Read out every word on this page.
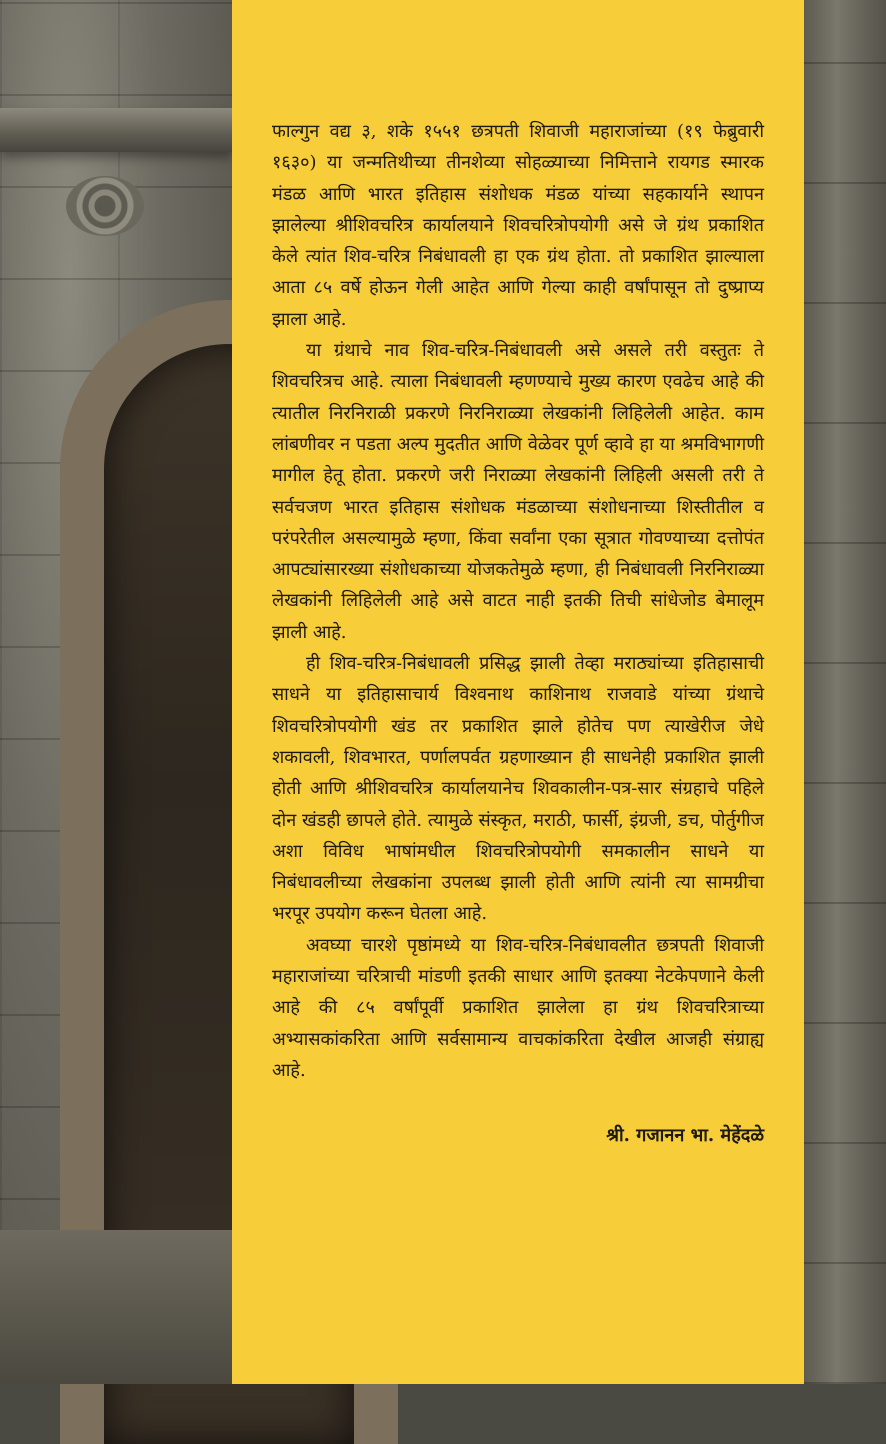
फाल्गुन वद्य ३, शके १५५१ छत्रपती शिवाजी महाराजांच्या (१९ फेब्रुवारी १६३०) या जन्मतिथीच्या तीनशेव्या सोहळ्याच्या निमित्ताने रायगड स्मारक मंडळ आणि भारत इतिहास संशोधक मंडळ यांच्या सहकार्याने स्थापन झालेल्या श्रीशिवचरित्र कार्यालयाने शिवचरित्रोपयोगी असे जे ग्रंथ प्रकाशित केले त्यांत शिव-चरित्र निबंधावली हा एक ग्रंथ होता. तो प्रकाशित झाल्याला आता ८५ वर्षे होऊन गेली आहेत आणि गेल्या काही वर्षांपासून तो दुष्प्राप्य झाला आहे.

या ग्रंथाचे नाव शिव-चरित्र-निबंधावली असे असले तरी वस्तुतः ते शिवचरित्रच आहे. त्याला निबंधावली म्हणण्याचे मुख्य कारण एवढेच आहे की त्यातील निरनिराळी प्रकरणे निरनिराळ्या लेखकांनी लिहिलेली आहेत. काम लांबणीवर न पडता अल्प मुदतीत आणि वेळेवर पूर्ण व्हावे हा या श्रमविभागणी मागील हेतू होता. प्रकरणे जरी निराळ्या लेखकांनी लिहिली असली तरी ते सर्वचजण भारत इतिहास संशोधक मंडळाच्या संशोधनाच्या शिस्तीतील व परंपरेतील असल्यामुळे म्हणा, किंवा सर्वांना एका सूत्रात गोवण्याच्या दत्तोपंत आपट्यांसारख्या संशोधकाच्या योजकतेमुळे म्हणा, ही निबंधावली निरनिराळ्या लेखकांनी लिहिलेली आहे असे वाटत नाही इतकी तिची सांधेजोड बेमालूम झाली आहे.

ही शिव-चरित्र-निबंधावली प्रसिद्ध झाली तेव्हा मराठ्यांच्या इतिहासाची साधने या इतिहासाचार्य विश्वनाथ काशिनाथ राजवाडे यांच्या ग्रंथाचे शिवचरित्रोपयोगी खंड तर प्रकाशित झाले होतेच पण त्याखेरीज जेधे शकावली, शिवभारत, पर्णालपर्वत ग्रहणाख्यान ही साधनेही प्रकाशित झाली होती आणि श्रीशिवचरित्र कार्यालयानेच शिवकालीन-पत्र-सार संग्रहाचे पहिले दोन खंडही छापले होते. त्यामुळे संस्कृत, मराठी, फार्सी, इंग्रजी, डच, पोर्तुगीज अशा विविध भाषांमधील शिवचरित्रोपयोगी समकालीन साधने या निबंधावलीच्या लेखकांना उपलब्ध झाली होती आणि त्यांनी त्या सामग्रीचा भरपूर उपयोग करून घेतला आहे.

अवघ्या चारशे पृष्ठांमध्ये या शिव-चरित्र-निबंधावलीत छत्रपती शिवाजी महाराजांच्या चरित्राची मांडणी इतकी साधार आणि इतक्या नेटकेपणाने केली आहे की ८५ वर्षांपूर्वी प्रकाशित झालेला हा ग्रंथ शिवचरित्राच्या अभ्यासकांकरिता आणि सर्वसामान्य वाचकांकरिता देखील आजही संग्राह्य आहे.

श्री. गजानन भा. मेहेंदळे
